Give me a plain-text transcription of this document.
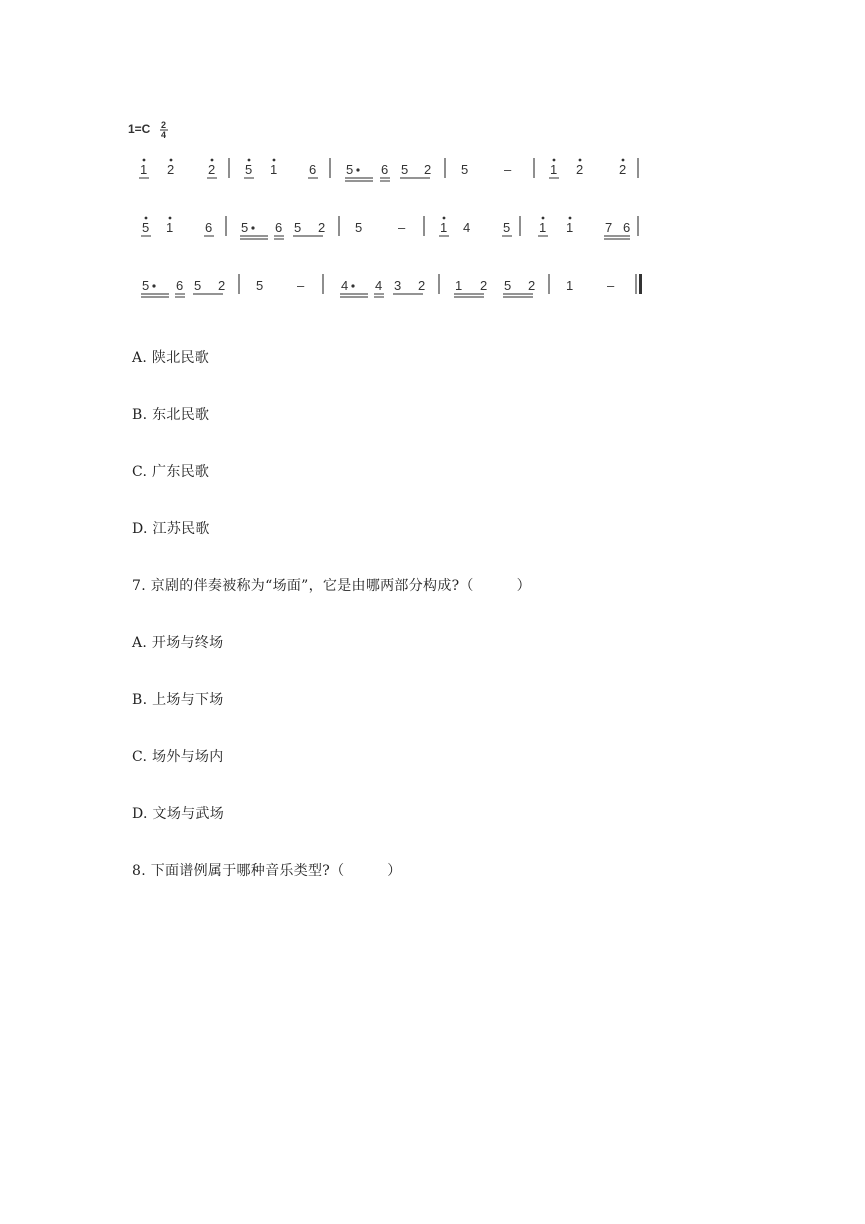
1=C 2
4
1 2	2 5 1 6 5 6 5 2 5	–	1 2	2
5 1 6 5 6 5 2 5	–	1 4	5 1 1 7 6
5 6 5 2 5	–	4 4 3 2 1 2 5 2 1	–
A. 陕北民歌
B. 东北民歌
C. 广东民歌
D. 江苏民歌
7. 京剧的伴奏被称为“场面”，它是由哪两部分构成?（　　　）
A. 开场与终场
B. 上场与下场
C. 场外与场内
D. 文场与武场
8. 下面谱例属于哪种音乐类型?（　　　）
